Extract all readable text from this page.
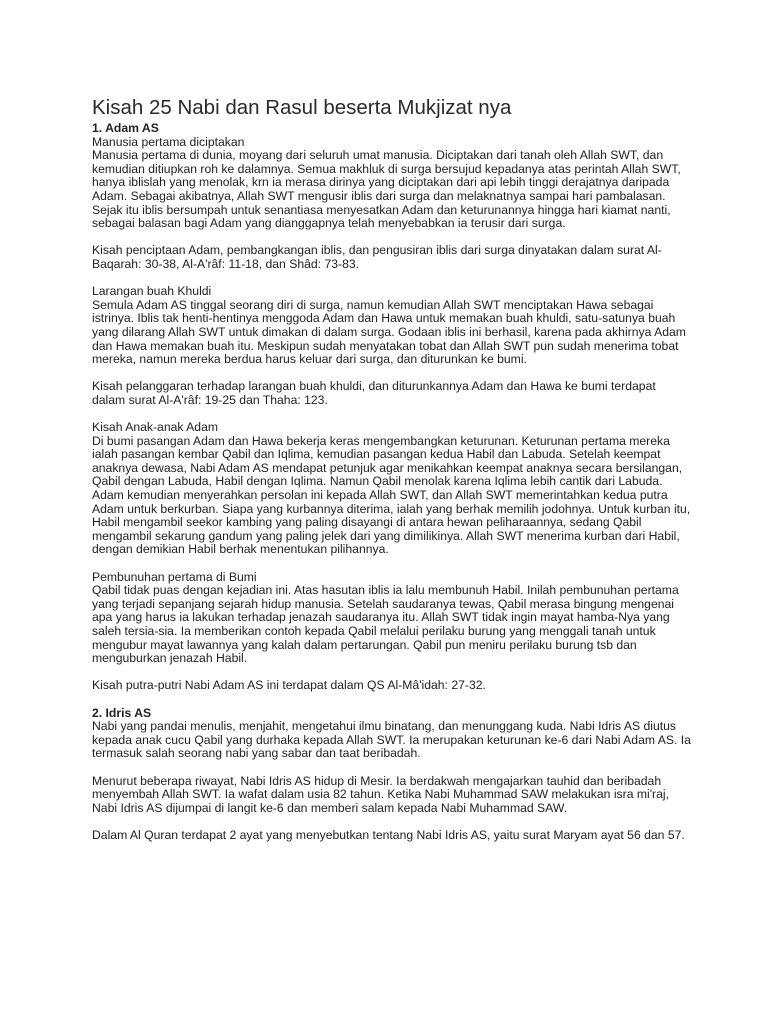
Kisah 25 Nabi dan Rasul beserta Mukjizat nya

1. Adam AS

Manusia pertama diciptakan

Manusia pertama di dunia, moyang dari seluruh umat manusia. Diciptakan dari tanah oleh Allah SWT, dan kemudian ditiupkan roh ke dalamnya. Semua makhluk di surga bersujud kepadanya atas perintah Allah SWT, hanya iblislah yang menolak, krn ia merasa dirinya yang diciptakan dari api lebih tinggi derajatnya daripada Adam. Sebagai akibatnya, Allah SWT mengusir iblis dari surga dan melaknatnya sampai hari pambalasan. Sejak itu iblis bersumpah untuk senantiasa menyesatkan Adam dan keturunannya hingga hari kiamat nanti, sebagai balasan bagi Adam yang dianggapnya telah menyebabkan ia terusir dari surga.

Kisah penciptaan Adam, pembangkangan iblis, dan pengusiran iblis dari surga dinyatakan dalam surat Al-Baqarah: 30-38, Al-A'râf: 11-18, dan Shâd: 73-83.

Larangan buah Khuldi

Semula Adam AS tinggal seorang diri di surga, namun kemudian Allah SWT menciptakan Hawa sebagai istrinya. Iblis tak henti-hentinya menggoda Adam dan Hawa untuk memakan buah khuldi, satu-satunya buah yang dilarang Allah SWT untuk dimakan di dalam surga. Godaan iblis ini berhasil, karena pada akhirnya Adam dan Hawa memakan buah itu. Meskipun sudah menyatakan tobat dan Allah SWT pun sudah menerima tobat mereka, namun mereka berdua harus keluar dari surga, dan diturunkan ke bumi.

Kisah pelanggaran terhadap larangan buah khuldi, dan diturunkannya Adam dan Hawa ke bumi terdapat dalam surat Al-A'râf: 19-25 dan Thaha: 123.

Kisah Anak-anak Adam

Di bumi pasangan Adam dan Hawa bekerja keras mengembangkan keturunan. Keturunan pertama mereka ialah pasangan kembar Qabil dan Iqlima, kemudian pasangan kedua Habil dan Labuda. Setelah keempat anaknya dewasa, Nabi Adam AS mendapat petunjuk agar menikahkan keempat anaknya secara bersilangan, Qabil dengan Labuda, Habil dengan Iqlima. Namun Qabil menolak karena Iqlima lebih cantik dari Labuda. Adam kemudian menyerahkan persolan ini kepada Allah SWT, dan Allah SWT memerintahkan kedua putra Adam untuk berkurban. Siapa yang kurbannya diterima, ialah yang berhak memilih jodohnya. Untuk kurban itu, Habil mengambil seekor kambing yang paling disayangi di antara hewan peliharaannya, sedang Qabil mengambil sekarung gandum yang paling jelek dari yang dimilikinya. Allah SWT menerima kurban dari Habil, dengan demikian Habil berhak menentukan pilihannya.

Pembunuhan pertama di Bumi

Qabil tidak puas dengan kejadian ini. Atas hasutan iblis ia lalu membunuh Habil. Inilah pembunuhan pertama yang terjadi sepanjang sejarah hidup manusia. Setelah saudaranya tewas, Qabil merasa bingung mengenai apa yang harus ia lakukan terhadap jenazah saudaranya itu. Allah SWT tidak ingin mayat hamba-Nya yang saleh tersia-sia. Ia memberikan contoh kepada Qabil melalui perilaku burung yang menggali tanah untuk mengubur mayat lawannya yang kalah dalam pertarungan. Qabil pun meniru perilaku burung tsb dan menguburkan jenazah Habil.

Kisah putra-putri Nabi Adam AS ini terdapat dalam QS Al-Mâ'idah: 27-32.

2. Idris AS

Nabi yang pandai menulis, menjahit, mengetahui ilmu binatang, dan menunggang kuda. Nabi Idris AS diutus kepada anak cucu Qabil yang durhaka kepada Allah SWT. Ia merupakan keturunan ke-6 dari Nabi Adam AS. Ia termasuk salah seorang nabi yang sabar dan taat beribadah.

Menurut beberapa riwayat, Nabi Idris AS hidup di Mesir. Ia berdakwah mengajarkan tauhid dan beribadah menyembah Allah SWT. Ia wafat dalam usia 82 tahun. Ketika Nabi Muhammad SAW melakukan isra mi'raj, Nabi Idris AS dijumpai di langit ke-6 dan memberi salam kepada Nabi Muhammad SAW.

Dalam Al Quran terdapat 2 ayat yang menyebutkan tentang Nabi Idris AS, yaitu surat Maryam ayat 56 dan 57.
